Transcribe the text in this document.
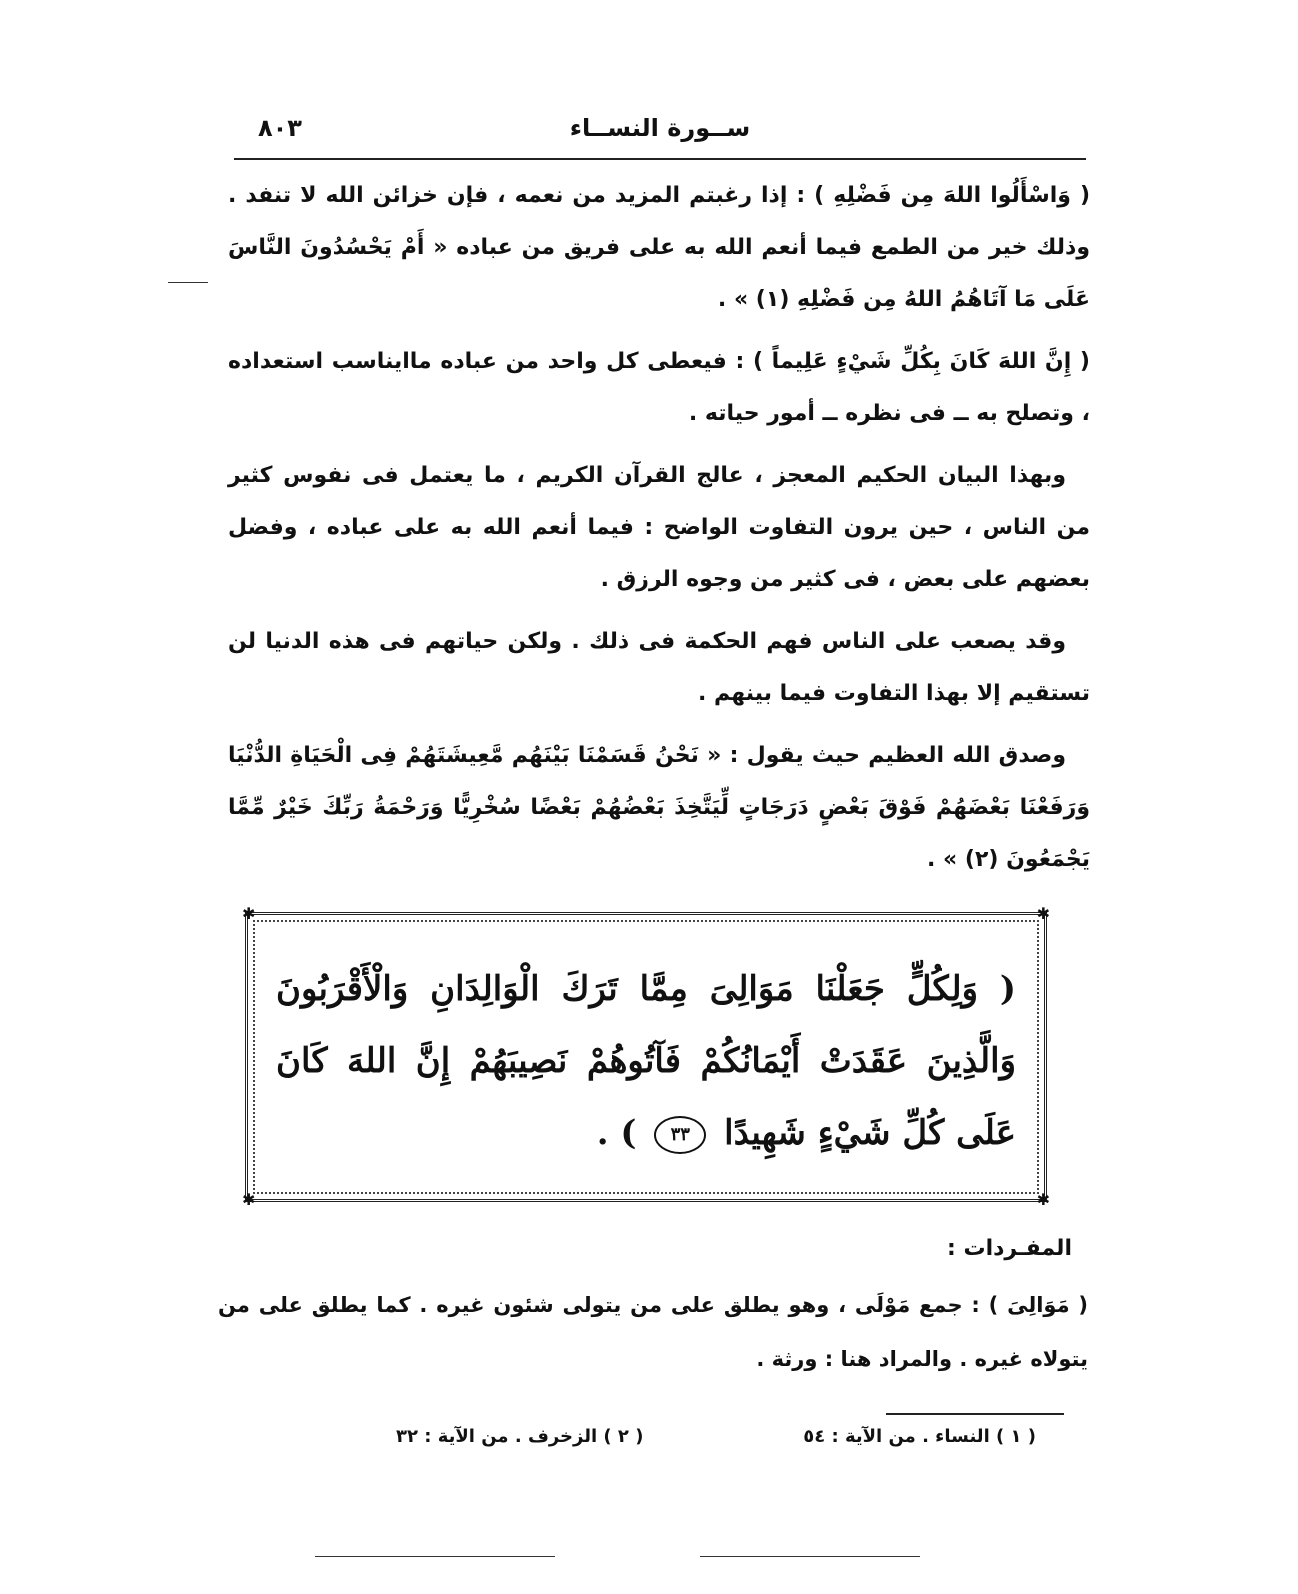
٨٠٣	ســورة النســاء

( وَاسْأَلُوا اللهَ مِن فَضْلِهِ ) : إذا رغبتم المزيد من نعمه ، فإن خزائن الله لا تنفد . وذلك خير من الطمع فيما أنعم الله به على فريق من عباده « أَمْ يَحْسُدُونَ النَّاسَ عَلَى مَا آتَاهُمُ اللهُ مِن فَضْلِهِ (١) » .

( إِنَّ اللهَ كَانَ بِكُلِّ شَيْءٍ عَلِيماً ) : فيعطى كل واحد من عباده ماايناسب استعداده ، وتصلح به ــ فى نظره ــ أمور حياته .

وبهذا البيان الحكيم المعجز ، عالج القرآن الكريم ، ما يعتمل فى نفوس كثير من الناس ، حين يرون التفاوت الواضح : فيما أنعم الله به على عباده ، وفضل بعضهم على بعض ، فى كثير من وجوه الرزق .

وقد يصعب على الناس فهم الحكمة فى ذلك . ولكن حياتهم فى هذه الدنيا لن تستقيم إلا بهذا التفاوت فيما بينهم .

وصدق الله العظيم حيث يقول : « نَحْنُ قَسَمْنَا بَيْنَهُم مَّعِيشَتَهُمْ فِى الْحَيَاةِ الدُّنْيَا وَرَفَعْنَا بَعْضَهُمْ فَوْقَ بَعْضٍ دَرَجَاتٍ لِّيَتَّخِذَ بَعْضُهُمْ بَعْضًا سُخْرِيًّا وَرَحْمَةُ رَبِّكَ خَيْرٌ مِّمَّا يَجْمَعُونَ (٢) » .

✱	✱
✱	✱
( وَلِكُلٍّ جَعَلْنَا مَوَالِىَ مِمَّا تَرَكَ الْوَالِدَانِ وَالْأَقْرَبُونَ وَالَّذِينَ عَقَدَتْ أَيْمَانُكُمْ فَآتُوهُمْ نَصِيبَهُمْ إِنَّ اللهَ كَانَ عَلَى كُلِّ شَيْءٍ شَهِيدًا ٣٣ ) .
المفـردات :
( مَوَالِىَ ) : جمع مَوْلَى ، وهو يطلق على من يتولى شئون غيره . كما يطلق على من يتولاه غيره . والمراد هنا : ورثة .
( ١ ) النساء . من الآية : ٥٤
( ٢ ) الزخرف . من الآية : ٣٢
